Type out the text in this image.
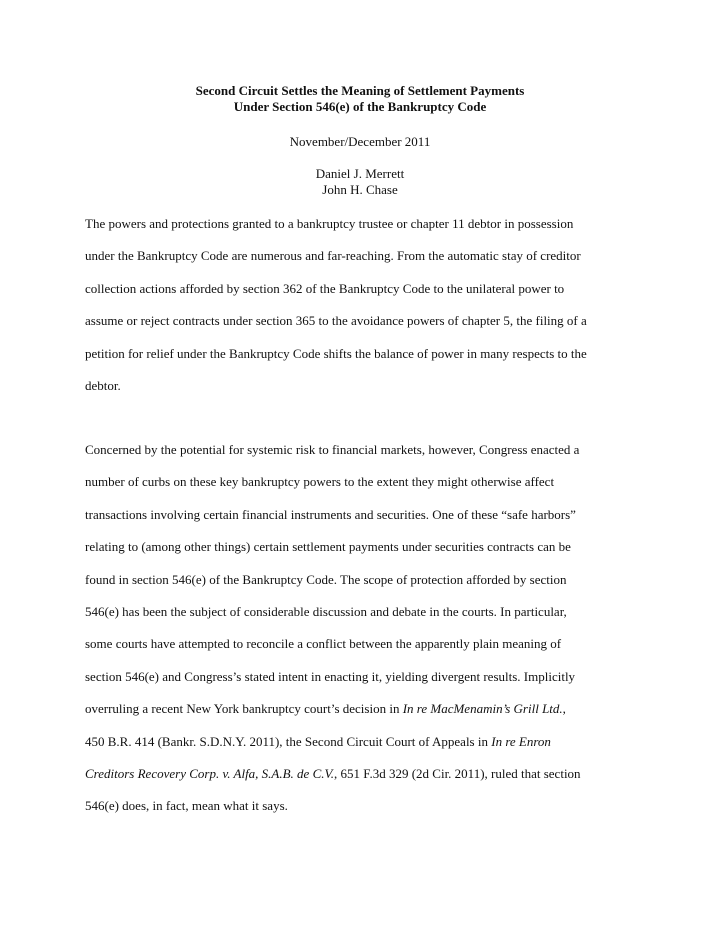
Second Circuit Settles the Meaning of Settlement Payments
Under Section 546(e) of the Bankruptcy Code
November/December 2011
Daniel J. Merrett
John H. Chase
The powers and protections granted to a bankruptcy trustee or chapter 11 debtor in possession
under the Bankruptcy Code are numerous and far-reaching. From the automatic stay of creditor
collection actions afforded by section 362 of the Bankruptcy Code to the unilateral power to
assume or reject contracts under section 365 to the avoidance powers of chapter 5, the filing of a
petition for relief under the Bankruptcy Code shifts the balance of power in many respects to the
debtor.
Concerned by the potential for systemic risk to financial markets, however, Congress enacted a
number of curbs on these key bankruptcy powers to the extent they might otherwise affect
transactions involving certain financial instruments and securities. One of these “safe harbors”
relating to (among other things) certain settlement payments under securities contracts can be
found in section 546(e) of the Bankruptcy Code. The scope of protection afforded by section
546(e) has been the subject of considerable discussion and debate in the courts. In particular,
some courts have attempted to reconcile a conflict between the apparently plain meaning of
section 546(e) and Congress’s stated intent in enacting it, yielding divergent results. Implicitly
overruling a recent New York bankruptcy court’s decision in In re MacMenamin’s Grill Ltd.,
450 B.R. 414 (Bankr. S.D.N.Y. 2011), the Second Circuit Court of Appeals in In re Enron
Creditors Recovery Corp. v. Alfa, S.A.B. de C.V., 651 F.3d 329 (2d Cir. 2011), ruled that section
546(e) does, in fact, mean what it says.
